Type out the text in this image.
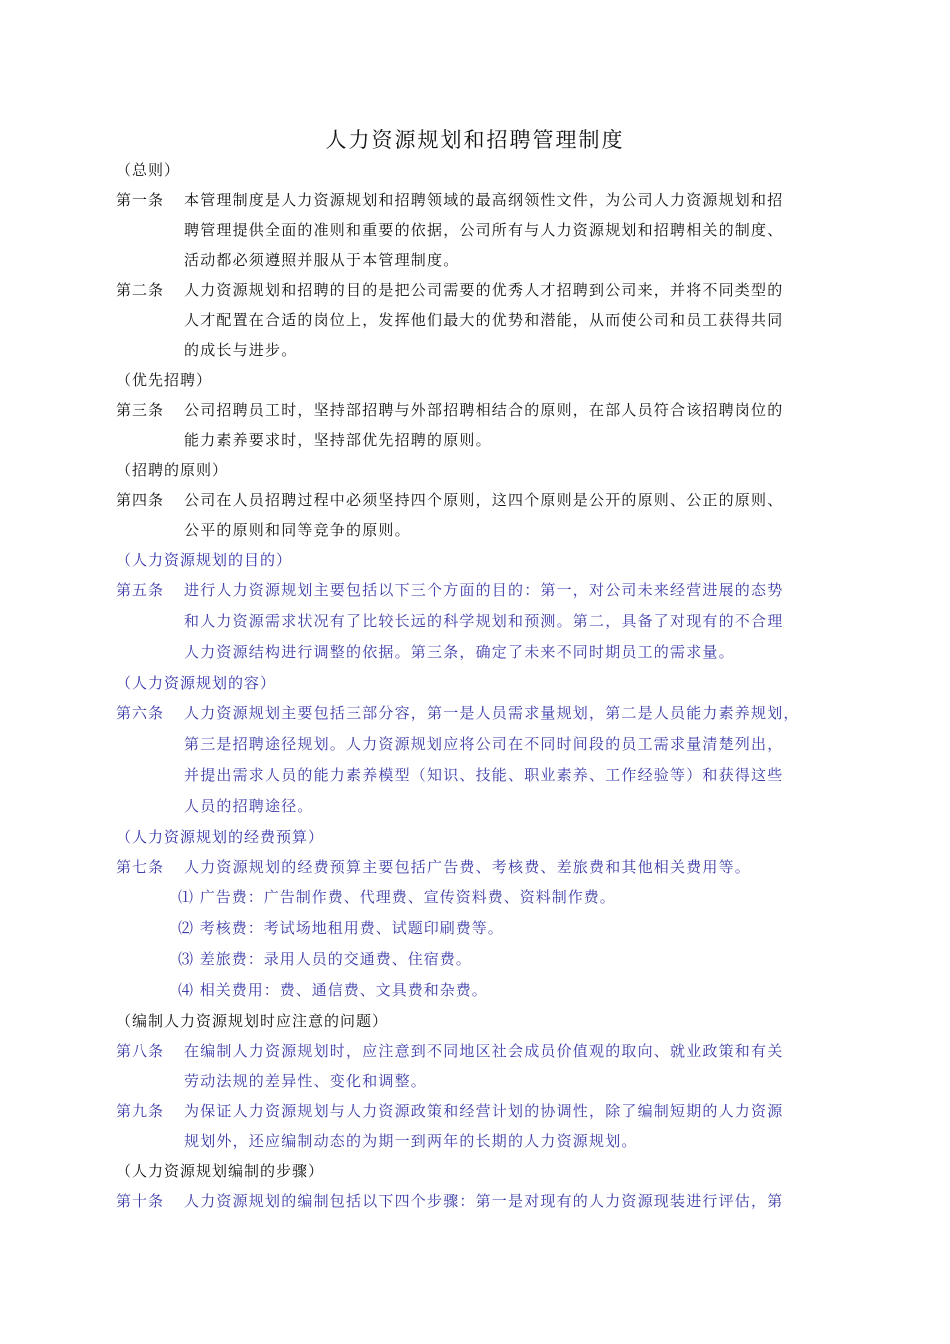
人力资源规划和招聘管理制度
（总则）
第一条	本管理制度是人力资源规划和招聘领域的最高纲领性文件，为公司人力资源规划和招
聘管理提供全面的准则和重要的依据，公司所有与人力资源规划和招聘相关的制度、
活动都必须遵照并服从于本管理制度。
第二条	人力资源规划和招聘的目的是把公司需要的优秀人才招聘到公司来，并将不同类型的
人才配置在合适的岗位上，发挥他们最大的优势和潜能，从而使公司和员工获得共同
的成长与进步。
（优先招聘）
第三条	公司招聘员工时，坚持部招聘与外部招聘相结合的原则，在部人员符合该招聘岗位的
能力素养要求时，坚持部优先招聘的原则。
（招聘的原则）
第四条	公司在人员招聘过程中必须坚持四个原则，这四个原则是公开的原则、公正的原则、
公平的原则和同等竞争的原则。
（人力资源规划的目的）
第五条	进行人力资源规划主要包括以下三个方面的目的：第一，对公司未来经营进展的态势
和人力资源需求状况有了比较长远的科学规划和预测。第二，具备了对现有的不合理
人力资源结构进行调整的依据。第三条，确定了未来不同时期员工的需求量。
（人力资源规划的容）
第六条	人力资源规划主要包括三部分容，第一是人员需求量规划，第二是人员能力素养规划，
第三是招聘途径规划。人力资源规划应将公司在不同时间段的员工需求量清楚列出，
并提出需求人员的能力素养模型（知识、技能、职业素养、工作经验等）和获得这些
人员的招聘途径。
（人力资源规划的经费预算）
第七条	人力资源规划的经费预算主要包括广告费、考核费、差旅费和其他相关费用等。
⑴ 广告费：广告制作费、代理费、宣传资料费、资料制作费。
⑵ 考核费：考试场地租用费、试题印刷费等。
⑶ 差旅费：录用人员的交通费、住宿费。
⑷ 相关费用：费、通信费、文具费和杂费。
（编制人力资源规划时应注意的问题）
第八条	在编制人力资源规划时，应注意到不同地区社会成员价值观的取向、就业政策和有关
劳动法规的差异性、变化和调整。
第九条	为保证人力资源规划与人力资源政策和经营计划的协调性，除了编制短期的人力资源
规划外，还应编制动态的为期一到两年的长期的人力资源规划。
（人力资源规划编制的步骤）
第十条	人力资源规划的编制包括以下四个步骤：第一是对现有的人力资源现装进行评估，第
